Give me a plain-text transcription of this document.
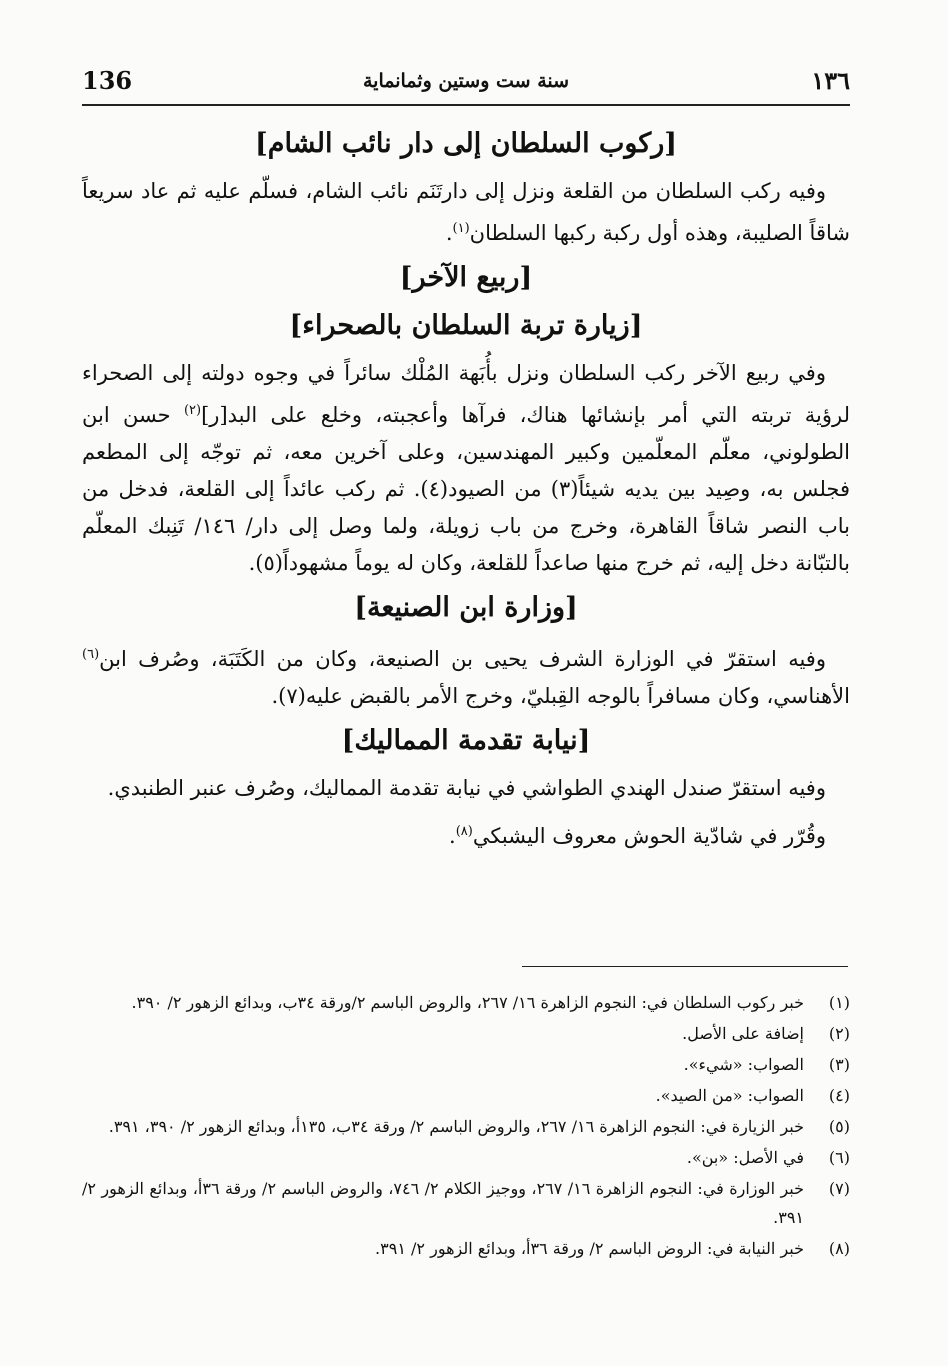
136	سنة ست وستين وثمانماية	١٣٦
[ركوب السلطان إلى دار نائب الشام]

وفيه ركب السلطان من القلعة ونزل إلى دارتَنَم نائب الشام، فسلّم عليه ثم عاد سريعاً شاقاً الصليبة، وهذه أول ركبة ركبها السلطان$^{(١)}$.

[ربيع الآخر]
[زيارة تربة السلطان بالصحراء]

وفي ربيع الآخر ركب السلطان ونزل بأُبَهة المُلْك سائراً في وجوه دولته إلى الصحراء لرؤية تربته التي أمر بإنشائها هناك، فرآها وأعجبته، وخلع على البد[ر]$^{(٢)}$ حسن ابن الطولوني، معلّم المعلّمين وكبير المهندسين، وعلى آخرين معه، ثم توجّه إلى المطعم فجلس به، وصِيد بين يديه شيئاً(٣) من الصيود(٤). ثم ركب عائداً إلى القلعة، فدخل من باب النصر شاقاً القاهرة، وخرج من باب زويلة، ولما وصل إلى دار/ ١٤٦/ تَنِبك المعلّم بالتبّانة دخل إليه، ثم خرج منها صاعداً للقلعة، وكان له يوماً مشهوداً(٥).

[وزارة ابن الصنيعة]

وفيه استقرّ في الوزارة الشرف يحيى بن الصنيعة، وكان من الكَتَبَة، وصُرف ابن$^{(٦)}$ الأهناسي، وكان مسافراً بالوجه القِبليّ، وخرج الأمر بالقبض عليه(٧).

[نيابة تقدمة المماليك]

وفيه استقرّ صندل الهندي الطواشي في نيابة تقدمة المماليك، وصُرف عنبر الطنبدي.

وقُرّر في شادّية الحوش معروف اليشبكي$^{(٨)}$.

(١)
خبر ركوب السلطان في: النجوم الزاهرة ١٦/ ٢٦٧، والروض الباسم ٢/ورقة ٣٤ب، وبدائع الزهور ٢/ ٣٩٠.
(٢)
إضافة على الأصل.
(٣)
الصواب: «شيء».
(٤)
الصواب: «من الصيد».
(٥)
خبر الزيارة في: النجوم الزاهرة ١٦/ ٢٦٧، والروض الباسم ٢/ ورقة ٣٤ب، ١٣٥أ، وبدائع الزهور ٢/ ٣٩٠، ٣٩١.
(٦)
في الأصل: «بن».
(٧)
خبر الوزارة في: النجوم الزاهرة ١٦/ ٢٦٧، ووجيز الكلام ٢/ ٧٤٦، والروض الباسم ٢/ ورقة ٣٦أ، وبدائع الزهور ٢/ ٣٩١.
(٨)
خبر النيابة في: الروض الباسم ٢/ ورقة ٣٦أ، وبدائع الزهور ٢/ ٣٩١.
